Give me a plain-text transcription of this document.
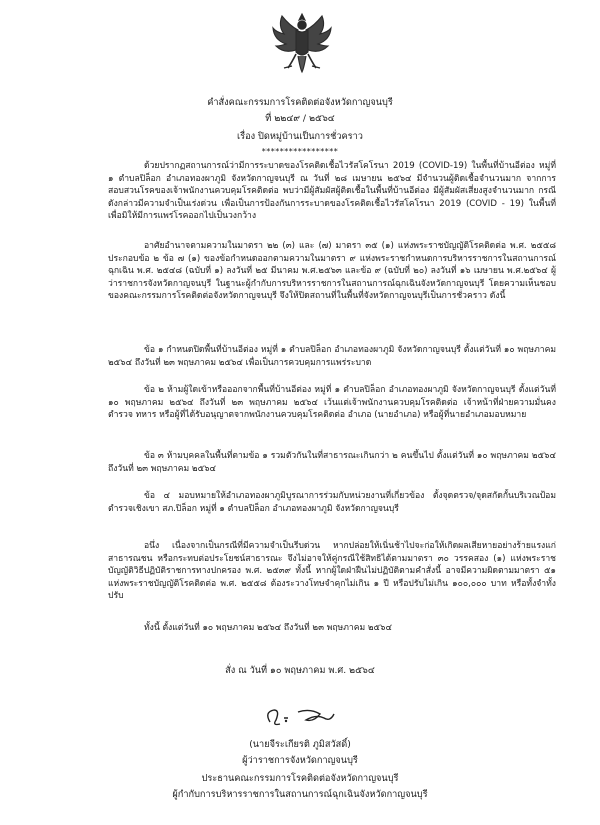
คำสั่งคณะกรรมการโรคติดต่อจังหวัดกาญจนบุรี
ที่ ๒๒๔๙ / ๒๕๖๔
เรื่อง ปิดหมู่บ้านเป็นการชั่วคราว
*****************
ด้วยปรากฏสถานการณ์ว่ามีการระบาดของโรคติดเชื้อไวรัสโคโรนา 2019 (COVID-19) ในพื้นที่บ้านอีต่อง หมู่ที่ ๑ ตำบลปิล็อก อำเภอทองผาภูมิ จังหวัดกาญจนบุรี ณ วันที่ ๒๘ เมษายน ๒๕๖๔ มีจำนวนผู้ติดเชื้อจำนวนมาก จากการสอบสวนโรคของเจ้าพนักงานควบคุมโรคติดต่อ พบว่ามีผู้สัมผัสผู้ติดเชื้อในพื้นที่บ้านอีต่อง มีผู้สัมผัสเสี่ยงสูงจำนวนมาก กรณีดังกล่าวมีความจำเป็นเร่งด่วน เพื่อเป็นการป้องกันการระบาดของโรคติดเชื้อไวรัสโคโรนา 2019 (COVID - 19) ในพื้นที่ เพื่อมิให้มีการแพร่โรคออกไปเป็นวงกว้าง
อาศัยอำนาจตามความในมาตรา ๒๒ (๓) และ (๗) มาตรา ๓๕ (๑) แห่งพระราชบัญญัติโรคติดต่อ พ.ศ. ๒๕๕๘ ประกอบข้อ ๒ ข้อ ๗ (๑) ของข้อกำหนดออกตามความในมาตรา ๙ แห่งพระราชกำหนดการบริหารราชการในสถานการณ์ฉุกเฉิน พ.ศ. ๒๕๔๘ (ฉบับที่ ๑) ลงวันที่ ๒๕ มีนาคม พ.ศ.๒๕๖๓ และข้อ ๙ (ฉบับที่ ๒๐) ลงวันที่ ๑๖ เมษายน พ.ศ.๒๕๖๔ ผู้ว่าราชการจังหวัดกาญจนบุรี ในฐานะผู้กำกับการบริหารราชการในสถานการณ์ฉุกเฉินจังหวัดกาญจนบุรี โดยความเห็นชอบของคณะกรรมการโรคติดต่อจังหวัดกาญจนบุรี จึงให้ปิดสถานที่ในพื้นที่จังหวัดกาญจนบุรีเป็นการชั่วคราว ดังนี้
ข้อ ๑ กำหนดปิดพื้นที่บ้านอีต่อง หมู่ที่ ๑ ตำบลปิล็อก อำเภอทองผาภูมิ จังหวัดกาญจนบุรี ตั้งแต่วันที่ ๑๐ พฤษภาคม ๒๕๖๔ ถึงวันที่ ๒๓ พฤษภาคม ๒๕๖๔ เพื่อเป็นการควบคุมการแพร่ระบาด
ข้อ ๒ ห้ามผู้ใดเข้าหรือออกจากพื้นที่บ้านอีต่อง หมู่ที่ ๑ ตำบลปิล็อก อำเภอทองผาภูมิ จังหวัดกาญจนบุรี ตั้งแต่วันที่ ๑๐ พฤษภาคม ๒๕๖๔ ถึงวันที่ ๒๓ พฤษภาคม ๒๕๖๔ เว้นแต่เจ้าพนักงานควบคุมโรคติดต่อ เจ้าหน้าที่ฝ่ายความมั่นคง ตำรวจ ทหาร หรือผู้ที่ได้รับอนุญาตจากพนักงานควบคุมโรคติดต่อ อำเภอ (นายอำเภอ) หรือผู้ที่นายอำเภอมอบหมาย
ข้อ ๓ ห้ามบุคคลในพื้นที่ตามข้อ ๑ รวมตัวกันในที่สาธารณะเกินกว่า ๒ คนขึ้นไป ตั้งแต่วันที่ ๑๐ พฤษภาคม ๒๕๖๔ ถึงวันที่ ๒๓ พฤษภาคม ๒๕๖๔
ข้อ ๔ มอบหมายให้อำเภอทองผาภูมิบูรณาการร่วมกับหน่วยงานที่เกี่ยวข้อง ตั้งจุดตรวจ/จุดสกัดกั้นบริเวณป้อมตำรวจเชิงเขา สภ.ปิล็อก หมู่ที่ ๑ ตำบลปิล็อก อำเภอทองผาภูมิ จังหวัดกาญจนบุรี
อนึ่ง เนื่องจากเป็นกรณีที่มีความจำเป็นรีบด่วน หากปล่อยให้เนิ่นช้าไปจะก่อให้เกิดผลเสียหายอย่างร้ายแรงแก่สาธารณชน หรือกระทบต่อประโยชน์สาธารณะ จึงไม่อาจให้คู่กรณีใช้สิทธิได้ตามมาตรา ๓๐ วรรคสอง (๑) แห่งพระราชบัญญัติวิธีปฏิบัติราชการทางปกครอง พ.ศ. ๒๕๓๙ ทั้งนี้ หากผู้ใดฝ่าฝืนไม่ปฏิบัติตามคำสั่งนี้ อาจมีความผิดตามมาตรา ๕๑ แห่งพระราชบัญญัติโรคติดต่อ พ.ศ. ๒๕๕๘ ต้องระวางโทษจำคุกไม่เกิน ๑ ปี หรือปรับไม่เกิน ๑๐๐,๐๐๐ บาท หรือทั้งจำทั้งปรับ
ทั้งนี้ ตั้งแต่วันที่ ๑๐ พฤษภาคม ๒๕๖๔ ถึงวันที่ ๒๓ พฤษภาคม ๒๕๖๔
สั่ง ณ วันที่ ๑๐ พฤษภาคม พ.ศ. ๒๕๖๔
(นายจีระเกียรติ ภูมิสวัสดิ์)
ผู้ว่าราชการจังหวัดกาญจนบุรี
ประธานคณะกรรมการโรคติดต่อจังหวัดกาญจนบุรี
ผู้กำกับการบริหารราชการในสถานการณ์ฉุกเฉินจังหวัดกาญจนบุรี
